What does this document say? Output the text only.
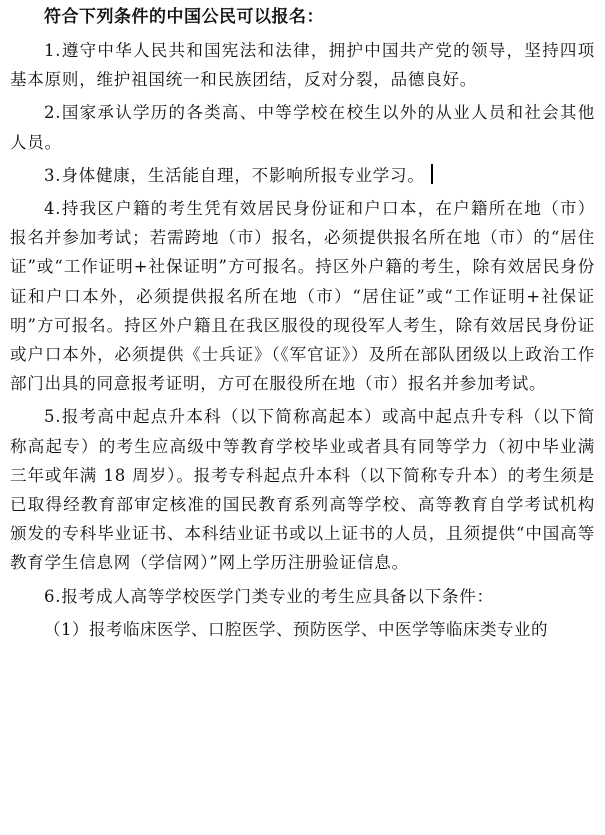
符合下列条件的中国公民可以报名：

1.遵守中华人民共和国宪法和法律，拥护中国共产党的领导，坚持四项基本原则，维护祖国统一和民族团结，反对分裂，品德良好。

2.国家承认学历的各类高、中等学校在校生以外的从业人员和社会其他人员。

3.身体健康，生活能自理，不影响所报专业学习。

4.持我区户籍的考生凭有效居民身份证和户口本，在户籍所在地（市）报名并参加考试；若需跨地（市）报名，必须提供报名所在地（市）的“居住证”或“工作证明+社保证明”方可报名。持区外户籍的考生，除有效居民身份证和户口本外，必须提供报名所在地（市）“居住证”或“工作证明+社保证明”方可报名。持区外户籍且在我区服役的现役军人考生，除有效居民身份证或户口本外，必须提供《士兵证》（《军官证》）及所在部队团级以上政治工作部门出具的同意报考证明，方可在服役所在地（市）报名并参加考试。

5.报考高中起点升本科（以下简称高起本）或高中起点升专科（以下简称高起专）的考生应高级中等教育学校毕业或者具有同等学力（初中毕业满三年或年满 18 周岁）。报考专科起点升本科（以下简称专升本）的考生须是已取得经教育部审定核准的国民教育系列高等学校、高等教育自学考试机构颁发的专科毕业证书、本科结业证书或以上证书的人员，且须提供“中国高等教育学生信息网（学信网）”网上学历注册验证信息。

6.报考成人高等学校医学门类专业的考生应具备以下条件：

（1）报考临床医学、口腔医学、预防医学、中医学等临床类专业的
